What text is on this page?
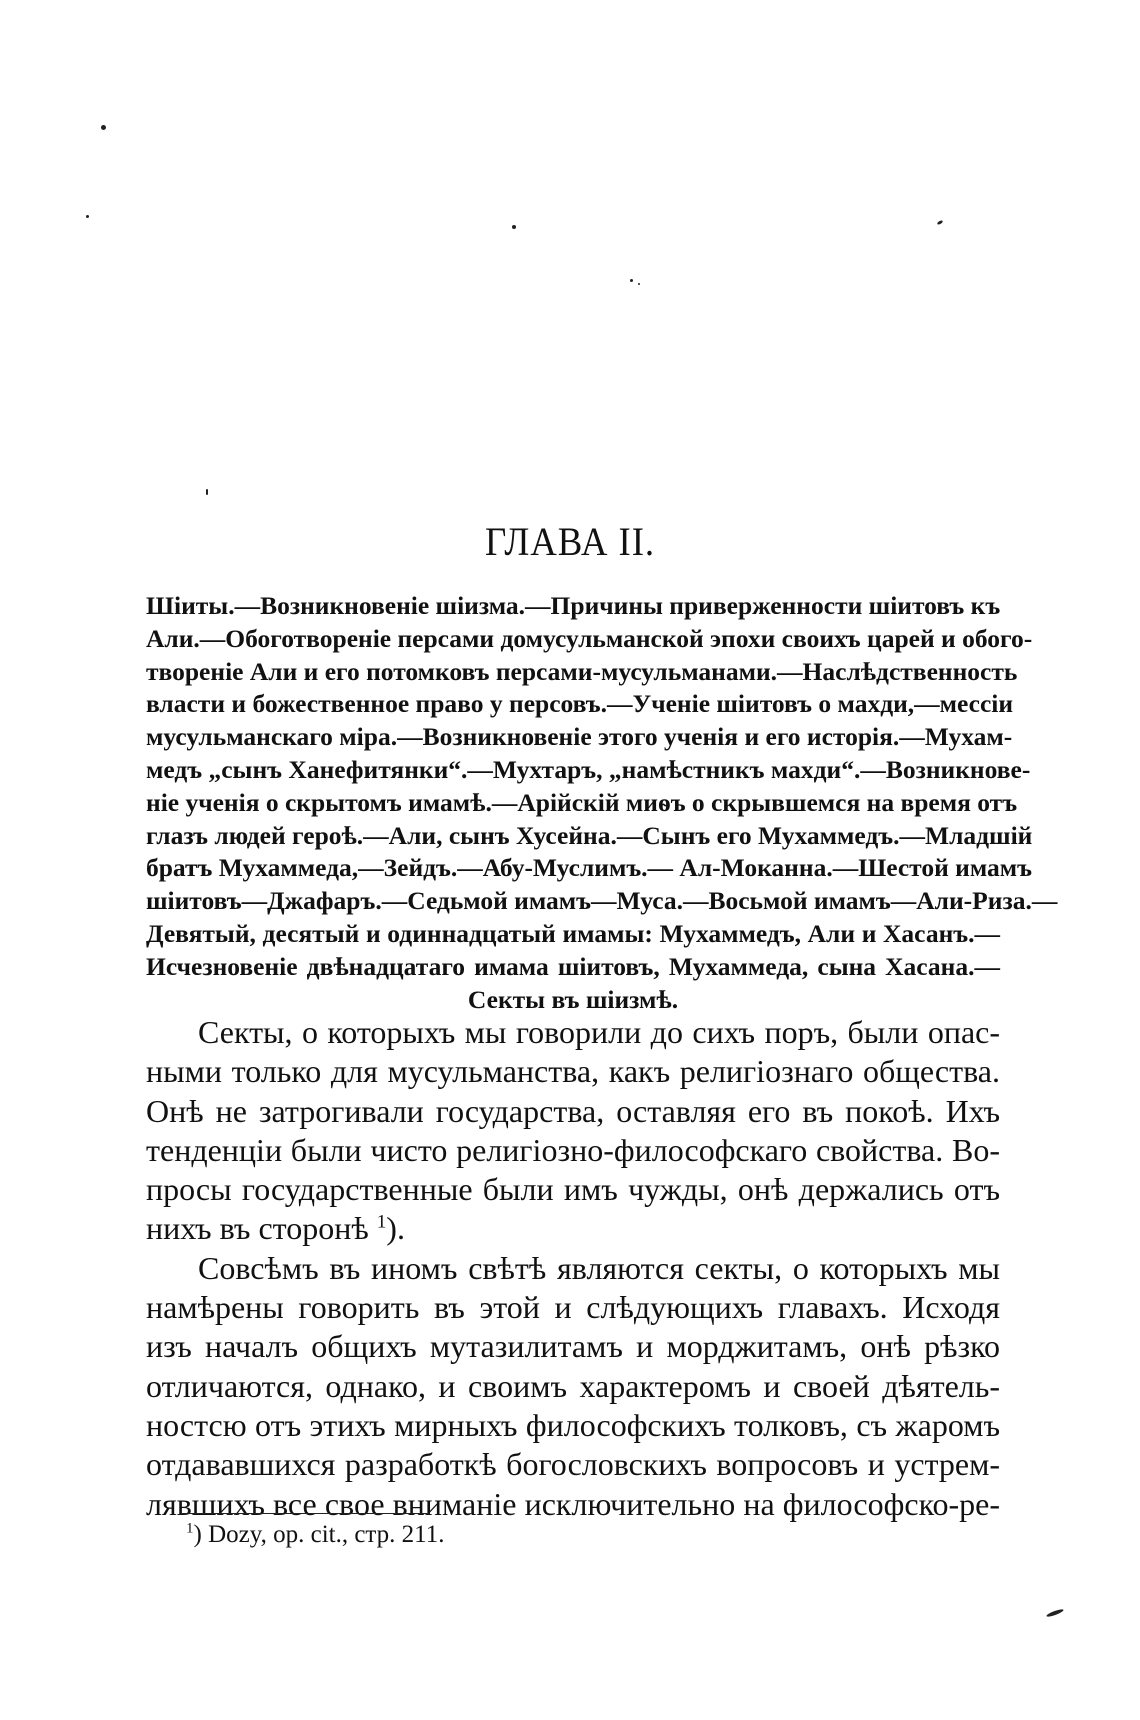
ГЛАВА II.
Шiиты.—Возникновенiе шiизма.—Причины приверженности шiитовъ къ
Али.—Обоготворенiе персами домусульманской эпохи своихъ царей и обого-
творенiе Али и его потомковъ персами-мусульманами.—Наслѣдственность
власти и божественное право у персовъ.—Ученiе шiитовъ о махди,—мессiи
мусульманскаго мiра.—Возникновенiе этого ученiя и его исторiя.—Мухам-
медъ „сынъ Ханефитянки“.—Мухтаръ, „намѣстникъ махди“.—Возникнове-
нiе ученiя о скрытомъ имамѣ.—Арiйскiй миѳъ о скрывшемся на время отъ
глазъ людей героѣ.—Али, сынъ Хусейна.—Сынъ его Мухаммедъ.—Младшiй
братъ Мухаммеда,—Зейдъ.—Абу-Муслимъ.— Ал-Моканна.—Шестой имамъ
шiитовъ—Джафаръ.—Седьмой имамъ—Муса.—Восьмой имамъ—Али-Риза.—
Девятый, десятый и одиннадцатый имамы: Мухаммедъ, Али и Хасанъ.—
Исчезновенiе двѣнадцатаго имама шiитовъ, Мухаммеда, сына Хасана.—
Секты въ шiизмѣ.
Секты, о которыхъ мы говорили до сихъ поръ, были опас-
ными только для мусульманства, какъ религiознаго общества.
Онѣ не затрогивали государства, оставляя его въ покоѣ. Ихъ
тенденцiи были чисто религiозно-философскаго свойства. Во-
просы государственные были имъ чужды, онѣ держались отъ
нихъ въ сторонѣ $^1$).
Совсѣмъ въ иномъ свѣтѣ являются секты, о которыхъ мы
намѣрены говорить въ этой и слѣдующихъ главахъ. Исходя
изъ началъ общихъ мутазилитамъ и морджитамъ, онѣ рѣзко
отличаются, однако, и своимъ характеромъ и своей дѣятель-
ностсю отъ этихъ мирныхъ философскихъ толковъ, съ жаромъ
отдававшихся разработкѣ богословскихъ вопросовъ и устрем-
лявшихъ все свое вниманiе исключительно на философско-ре-
$^1$) Dozy, op. cit., стр. 211.
